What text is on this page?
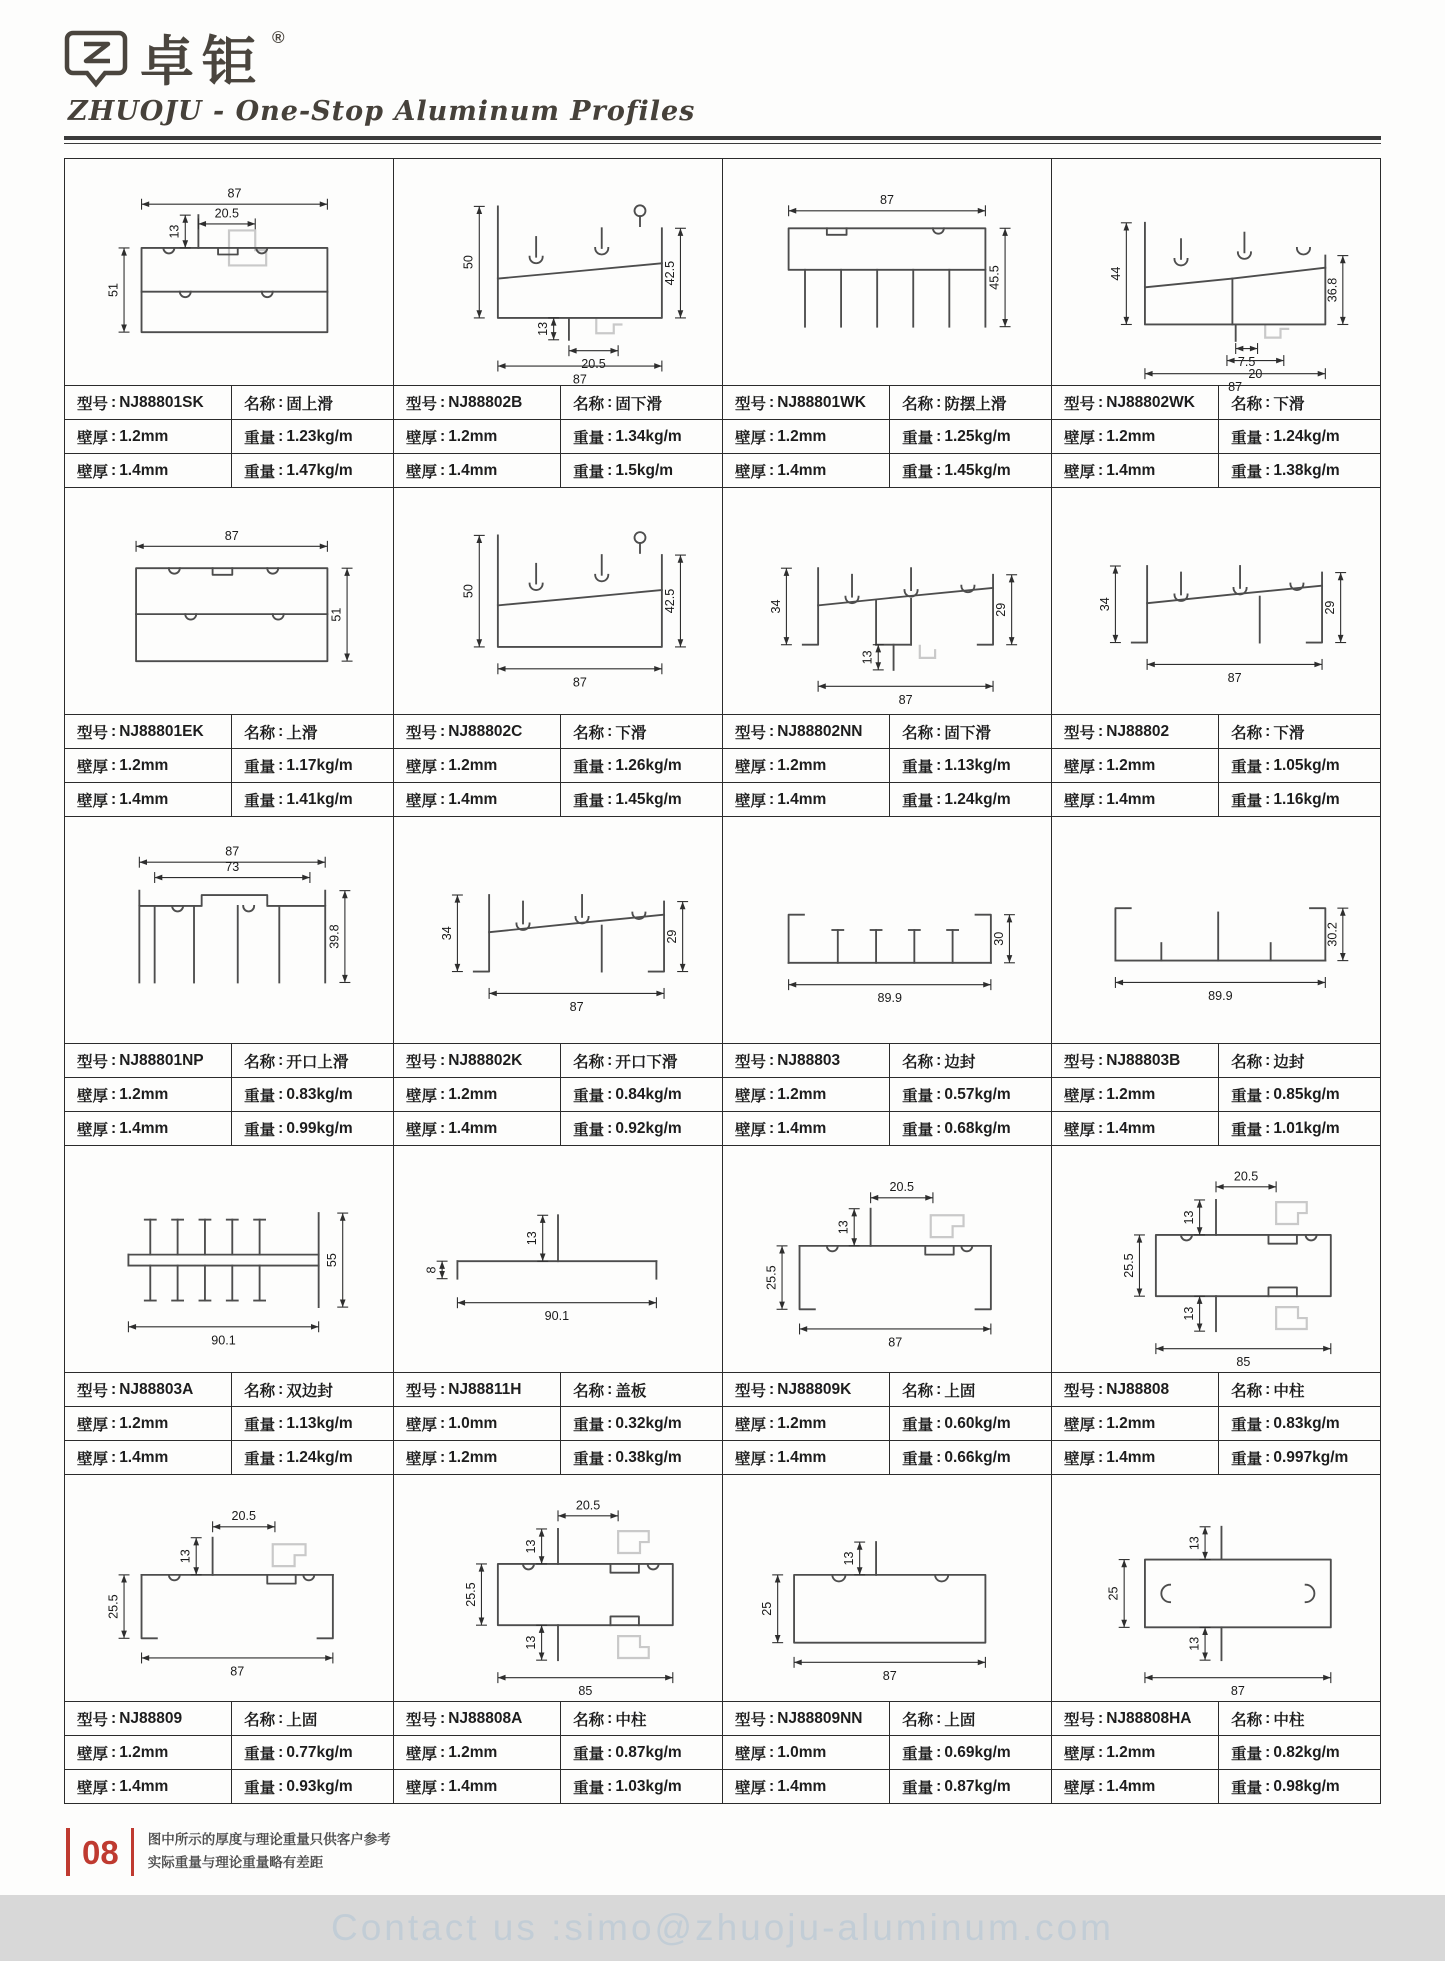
卓钜 ®
ZHUOJU - One-Stop Aluminum Profiles
87
20.5
13
51
型号 : NJ88801SK	名称 : 固上滑
壁厚 : 1.2mm	重量 : 1.23kg/m
壁厚 : 1.4mm	重量 : 1.47kg/m
50	42.5
13
20.5
87
型号 : NJ88802B	名称 : 固下滑
壁厚 : 1.2mm	重量 : 1.34kg/m
壁厚 : 1.4mm	重量 : 1.5kg/m
87
45.5
型号 : NJ88801WK 名称 : 防摆上滑
壁厚 : 1.2mm	重量 : 1.25kg/m
壁厚 : 1.4mm	重量 : 1.45kg/m
44
36.8
7.5
20
87
型号 : NJ88802WK 名称 : 下滑
壁厚 : 1.2mm	重量 : 1.24kg/m
壁厚 : 1.4mm	重量 : 1.38kg/m
87
51
型号 : NJ88801EK	名称 : 上滑
壁厚 : 1.2mm	重量 : 1.17kg/m
壁厚 : 1.4mm	重量 : 1.41kg/m
50	42.5
87
型号 : NJ88802C	名称 : 下滑
壁厚 : 1.2mm	重量 : 1.26kg/m
壁厚 : 1.4mm	重量 : 1.45kg/m
34	29
13
87
型号 : NJ88802NN	名称 : 固下滑
壁厚 : 1.2mm	重量 : 1.13kg/m
壁厚 : 1.4mm	重量 : 1.24kg/m
34	29
87
型号 : NJ88802	名称 : 下滑
壁厚 : 1.2mm	重量 : 1.05kg/m
壁厚 : 1.4mm	重量 : 1.16kg/m
87
73
39.8
型号 : NJ88801NP	名称 : 开口上滑
壁厚 : 1.2mm	重量 : 0.83kg/m
壁厚 : 1.4mm	重量 : 0.99kg/m
34	29
87
型号 : NJ88802K	名称 : 开口下滑
壁厚 : 1.2mm	重量 : 0.84kg/m
壁厚 : 1.4mm	重量 : 0.92kg/m
30
89.9
型号 : NJ88803	名称 : 边封
壁厚 : 1.2mm	重量 : 0.57kg/m
壁厚 : 1.4mm	重量 : 0.68kg/m
30.2
89.9
型号 : NJ88803B	名称 : 边封
壁厚 : 1.2mm	重量 : 0.85kg/m
壁厚 : 1.4mm	重量 : 1.01kg/m
55
90.1
型号 : NJ88803A	名称 : 双边封
壁厚 : 1.2mm	重量 : 1.13kg/m
壁厚 : 1.4mm	重量 : 1.24kg/m
13
8
90.1
型号 : NJ88811H	名称 : 盖板
壁厚 : 1.0mm	重量 : 0.32kg/m
壁厚 : 1.2mm	重量 : 0.38kg/m
20.5
13
25.5
87
型号 : NJ88809K	名称 : 上固
壁厚 : 1.2mm	重量 : 0.60kg/m
壁厚 : 1.4mm	重量 : 0.66kg/m
20.5
13
25.5
13
85
型号 : NJ88808	名称 : 中柱
壁厚 : 1.2mm	重量 : 0.83kg/m
壁厚 : 1.4mm	重量 : 0.997kg/m
20.5
13
25.5
87
型号 : NJ88809	名称 : 上固
壁厚 : 1.2mm	重量 : 0.77kg/m
壁厚 : 1.4mm	重量 : 0.93kg/m
20.5
13
25.5
13
85
型号 : NJ88808A	名称 : 中柱
壁厚 : 1.2mm	重量 : 0.87kg/m
壁厚 : 1.4mm	重量 : 1.03kg/m
13
25
87
型号 : NJ88809NN	名称 : 上固
壁厚 : 1.0mm	重量 : 0.69kg/m
壁厚 : 1.4mm	重量 : 0.87kg/m
13
25
13
87
型号 : NJ88808HA	名称 : 中柱
壁厚 : 1.2mm	重量 : 0.82kg/m
壁厚 : 1.4mm	重量 : 0.98kg/m
08	图中所示的厚度与理论重量只供客户参考
实际重量与理论重量略有差距
Contact us :simo@zhuoju-aluminum.com
